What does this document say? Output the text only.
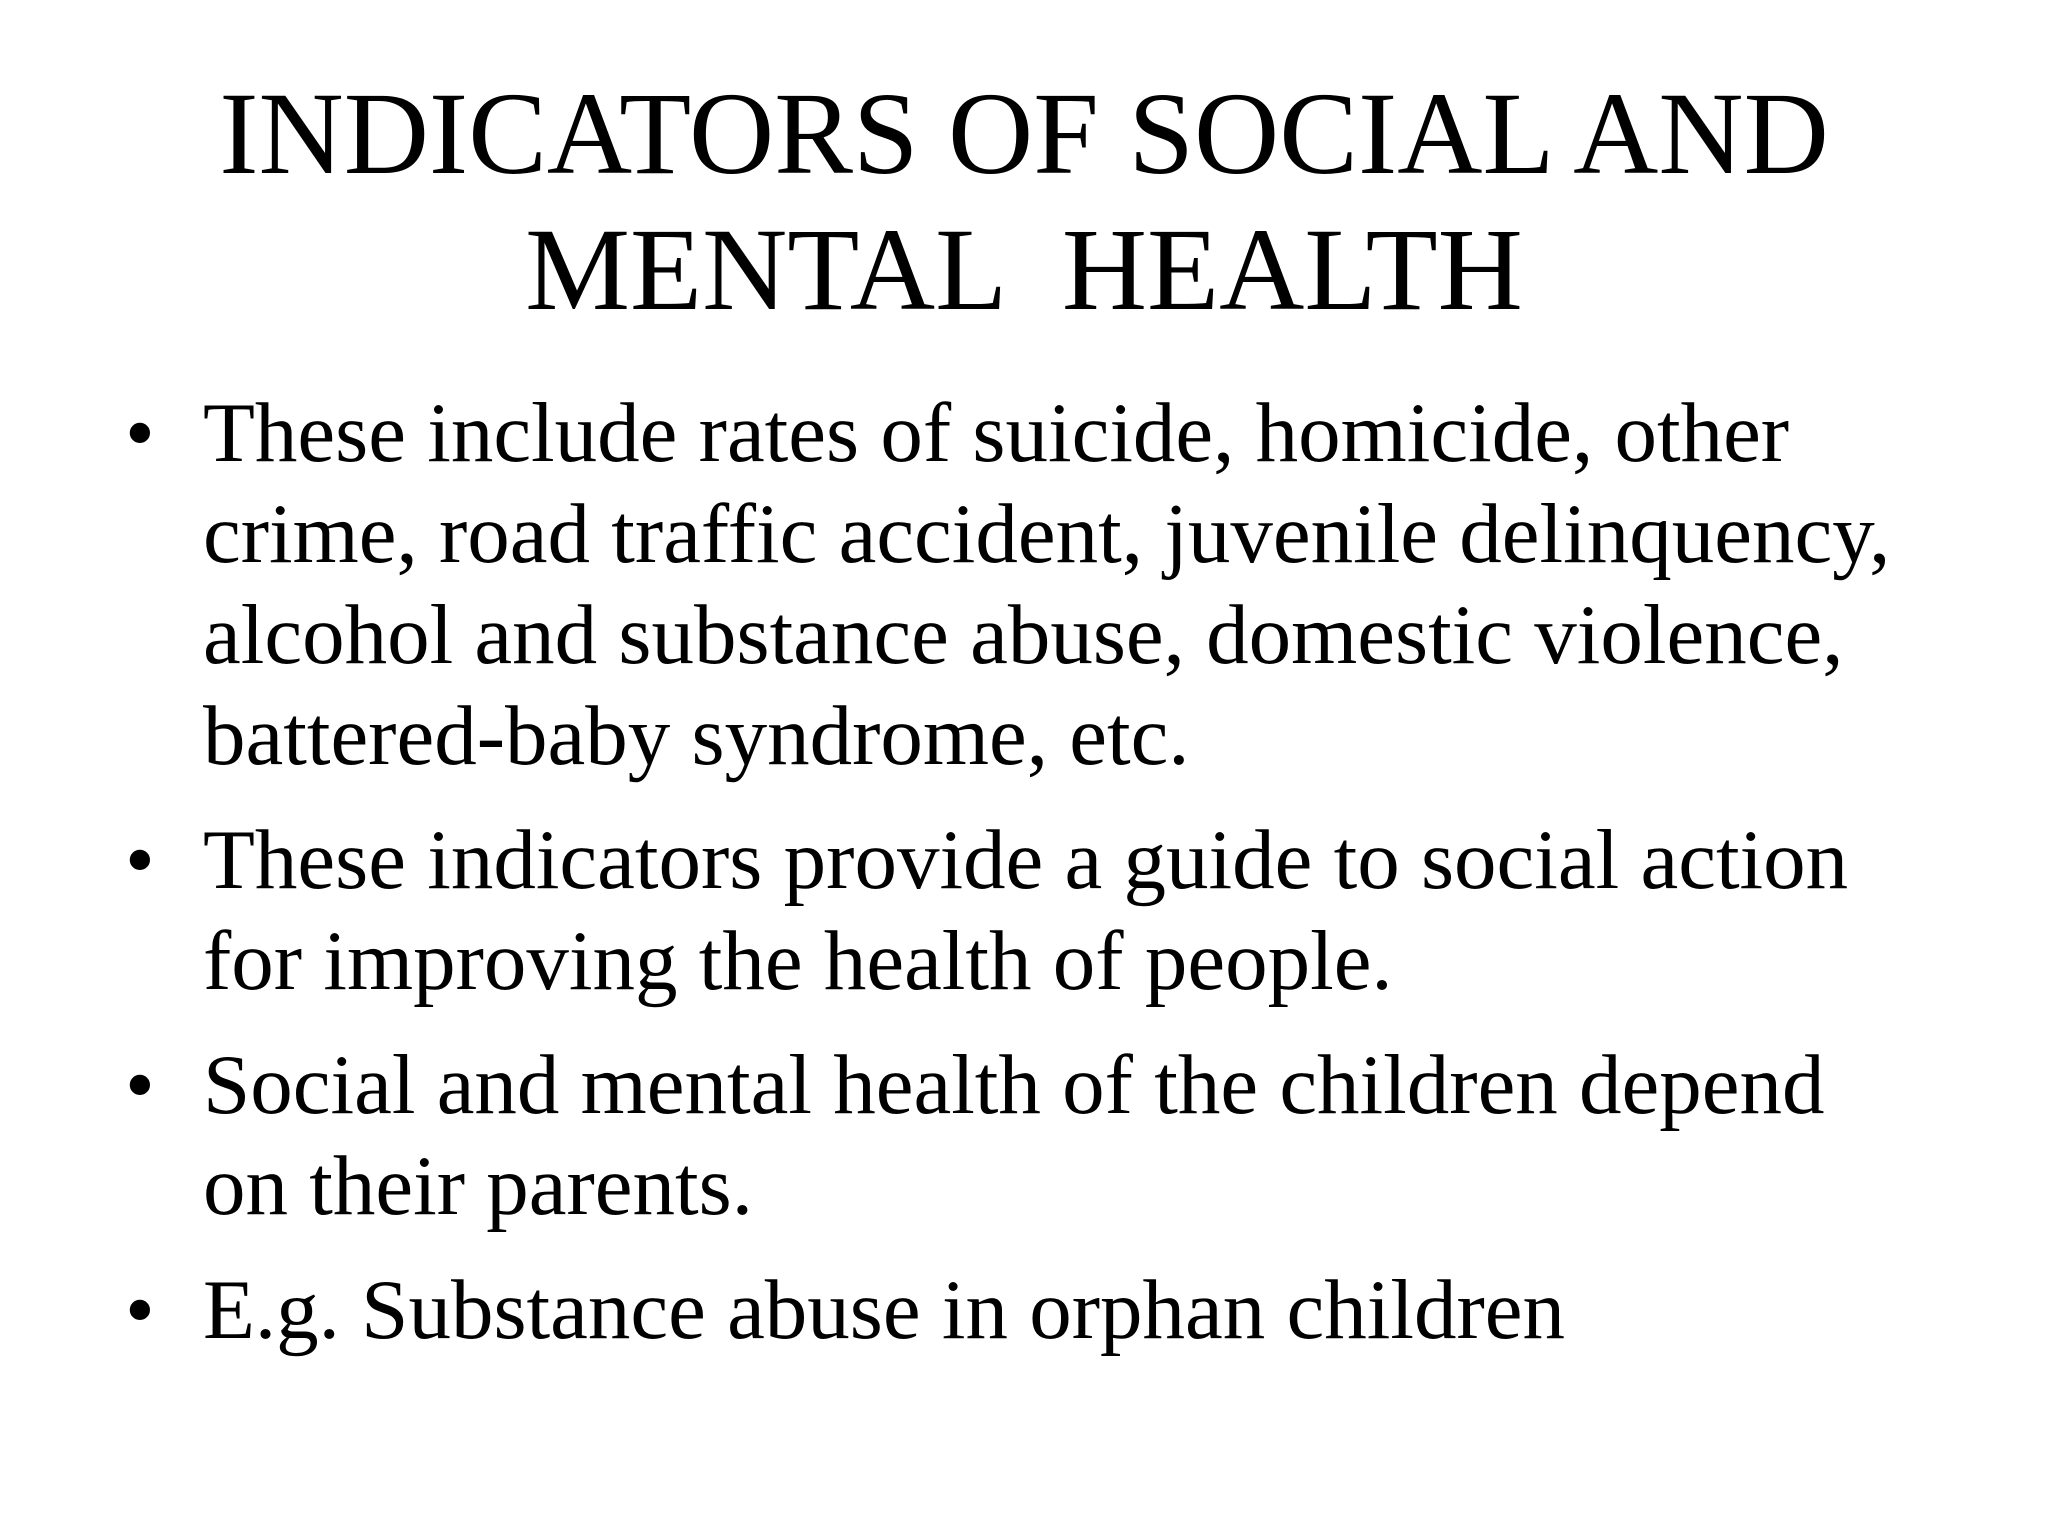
INDICATORS OF SOCIAL AND
MENTAL  HEALTH
• These include rates of suicide, homicide, other
crime, road traffic accident, juvenile delinquency,
alcohol and substance abuse, domestic violence,
battered-baby syndrome, etc.
• These indicators provide a guide to social action
for improving the health of people.
• Social and mental health of the children depend
on their parents.
• E.g. Substance abuse in orphan children
